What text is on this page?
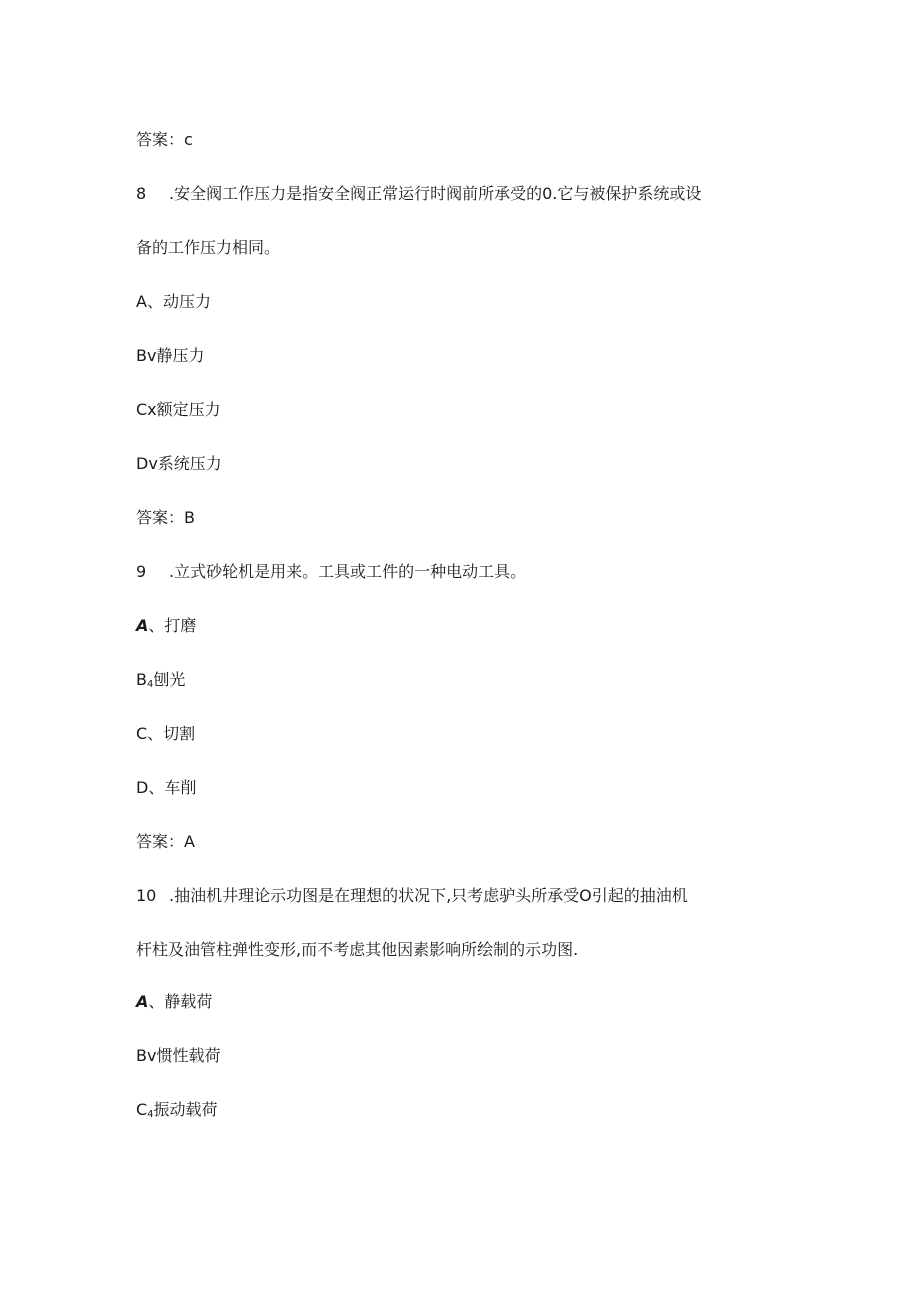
答案：c
8 .安全阀工作压力是指安全阀正常运行时阀前所承受的0.它与被保护系统或设
备的工作压力相同。
A、动压力
Bv静压力
Cx额定压力
Dv系统压力
答案：B
9 .立式砂轮机是用来。工具或工件的一种电动工具。
A、打磨
$B_4$刨光
C、切割
D、车削
答案：A
10 .抽油机井理论示功图是在理想的状况下,只考虑驴头所承受O引起的抽油机
杆柱及油管柱弹性变形,而不考虑其他因素影响所绘制的示功图.
A、静载荷
Bv惯性载荷
$C_4$振动载荷
